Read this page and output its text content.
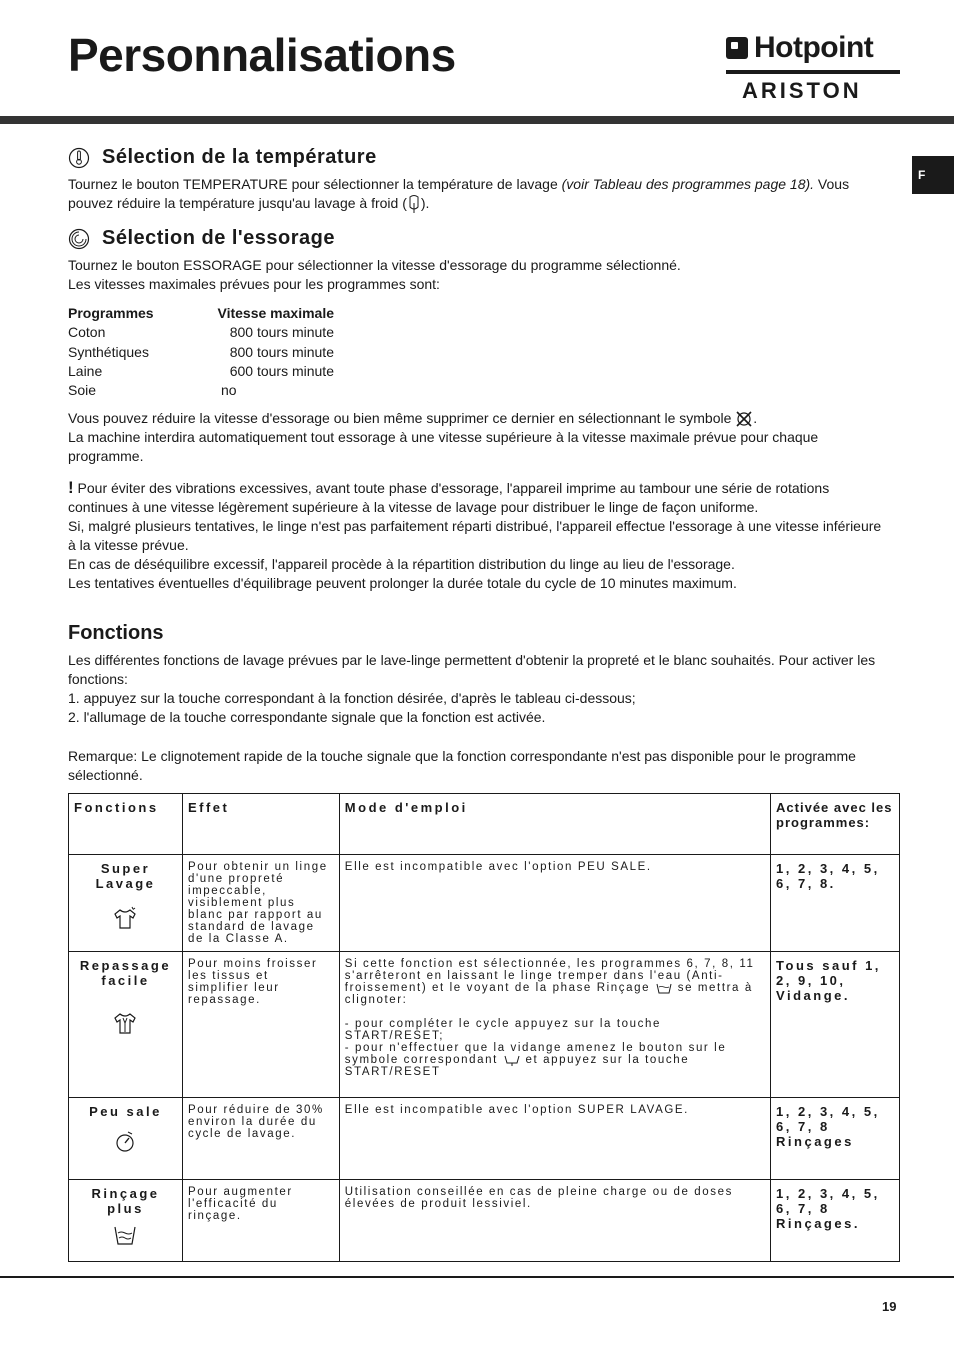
Personnalisations	Hotpoint
ARISTON
F
Sélection de la température

Tournez le bouton TEMPERATURE pour sélectionner la température de lavage (voir Tableau des programmes page 18). Vous pouvez réduire la température jusqu'au lavage à froid ( ).

Sélection de l'essorage

Tournez le bouton ESSORAGE pour sélectionner la vitesse d'essorage du programme sélectionné.
Les vitesses maximales prévues pour les programmes sont:

Programmes	Vitesse maximale
Coton	800 tours minute
Synthétiques	800 tours minute
Laine	600 tours minute
Soie	no

Vous pouvez réduire la vitesse d'essorage ou bien même supprimer ce dernier en sélectionnant le symbole .
La machine interdira automatiquement tout essorage à une vitesse supérieure à la vitesse maximale prévue pour chaque programme.

! Pour éviter des vibrations excessives, avant toute phase d'essorage, l'appareil imprime au tambour une série de rotations continues à une vitesse légèrement supérieure à la vitesse de lavage pour distribuer le linge de façon uniforme.
Si, malgré plusieurs tentatives, le linge n'est pas parfaitement réparti distribué, l'appareil effectue l'essorage à une vitesse inférieure à la vitesse prévue.
En cas de déséquilibre excessif, l'appareil procède à la répartition distribution du linge au lieu de l'essorage.
Les tentatives éventuelles d'équilibrage peuvent prolonger la durée totale du cycle de 10 minutes maximum.

Fonctions

Les différentes fonctions de lavage prévues par le lave-linge permettent d'obtenir la propreté et le blanc souhaités. Pour activer les fonctions:
1. appuyez sur la touche correspondant à la fonction désirée, d'après le tableau ci-dessous;
2. l'allumage de la touche correspondante signale que la fonction est activée.

Remarque: Le clignotement rapide de la touche signale que la fonction correspondante n'est pas disponible pour le programme sélectionné.

Fonctions	Effet	Mode d'emploi	Activée avec les programmes:
Super Lavage	Pour obtenir un linge d'une propreté impeccable, visiblement plus blanc par rapport au standard de lavage de la Classe A.	Elle est incompatible avec l'option PEU SALE.	1, 2, 3, 4, 5, 6, 7, 8.
Repassage facile	Pour moins froisser les tissus et simplifier leur repassage.	Si cette fonction est sélectionnée, les programmes 6, 7, 8, 11 s'arrêteront en laissant le linge tremper dans l'eau (Anti-froissement) et le voyant de la phase Rinçage  se mettra à clignoter:

- pour compléter le cycle appuyez sur la touche START/RESET;
- pour n'effectuer que la vidange amenez le bouton sur le symbole correspondant  et appuyez sur la touche START/RESET	Tous sauf 1, 2, 9, 10, Vidange.
Peu sale	Pour réduire de 30% environ la durée du cycle de lavage.	Elle est incompatible avec l'option SUPER LAVAGE.	1, 2, 3, 4, 5, 6, 7, 8 Rinçages
Rinçage plus	Pour augmenter l'efficacité du rinçage.	Utilisation conseillée en cas de pleine charge ou de doses élevées de produit lessiviel.	1, 2, 3, 4, 5, 6, 7, 8 Rinçages.
19
